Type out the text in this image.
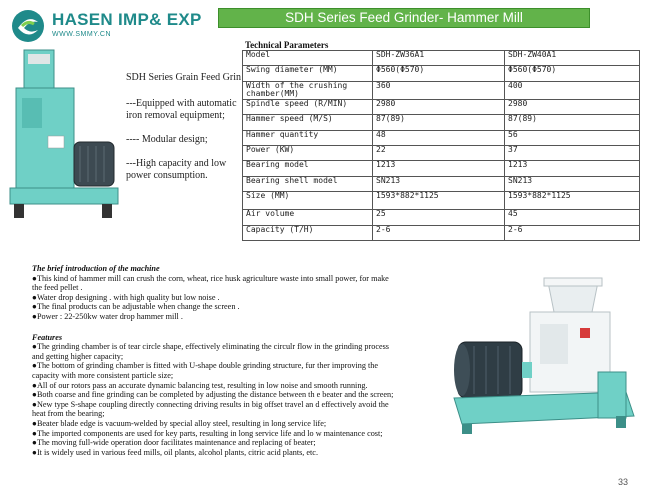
HASEN IMP& EXP
WWW.SMMY.CN
SDH Series Feed Grinder- Hammer Mill
SDH Series Grain Feed Grin
---Equipped with automatic
iron removal equipment;
---- Modular design;
---High capacity and low
power consumption.
Technical Parameters
Model	SDH-ZW36A1	SDH-ZW40A1
Swing diameter (MM)	Φ560(Φ570)	Φ560(Φ570)
Width of the crushing chamber(MM)	360	400
Spindle speed (R/MIN)	2980	2980
Hammer speed (M/S)	87(89)	87(89)
Hammer quantity	48	56
Power (KW)	22	37
Bearing model	1213	1213
Bearing shell model	SN213	SN213
Size (MM)	1593*882*1125	1593*882*1125
Air volume	25	45
Capacity (T/H)	2-6	2-6

The brief introduction of the machine

●This kind of hammer mill can crush the corn, wheat, rice husk agriculture waste into small power, for make the feed pellet .

●Water drop designing . with high quality but low noise .

●The final products can be adjustable when change the screen .

●Power : 22-250kw water drop hammer mill .

Features

●The grinding chamber is of tear circle shape, effectively eliminating the circulr flow in the grinding process and getting higher capacity;

●The bottom of grinding chamber is fitted with U-shape double grinding structure, fur ther improving the capacity with more consistent particle size;

●All of our rotors pass an accurate dynamic balancing test, resulting in low noise and smooth running.

●Both coarse and fine grinding can be completed by adjusting the distance between th e beater and the screen;

●New type S-shape coupling directly connecting driving results in big offset travel an d effectively avoid the heat from the bearing;

●Beater blade edge is vacuum-welded by special alloy steel, resulting in long service life;

●The imported components are used for key parts, resulting in long service life and lo w maintenance cost;

●The moving full-wide operation door facilitates maintenance and replacing of beater;

●It is widely used in various feed mills, oil plants, alcohol plants, citric acid plants, etc.

33
